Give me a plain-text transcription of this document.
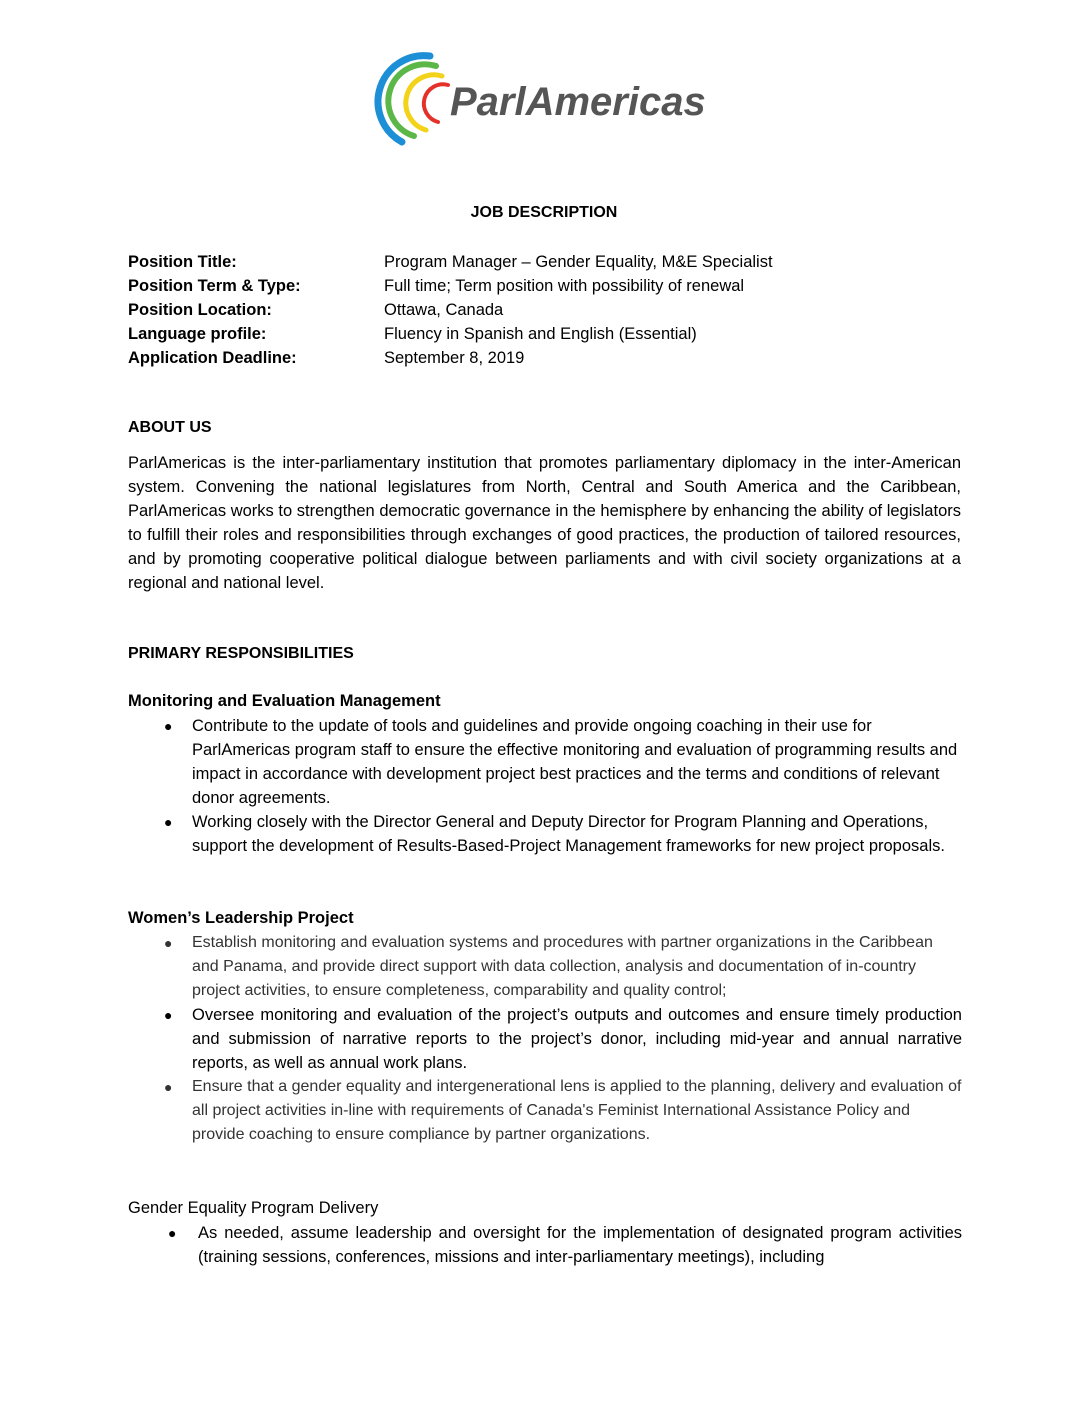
ParlAmericas
JOB DESCRIPTION
Position Title:	Program Manager – Gender Equality, M&E Specialist
Position Term & Type:	Full time; Term position with possibility of renewal
Position Location:	Ottawa, Canada
Language profile:	Fluency in Spanish and English (Essential)
Application Deadline:	September 8, 2019
ABOUT US
ParlAmericas is the inter-parliamentary institution that promotes parliamentary diplomacy in the inter-American system. Convening the national legislatures from North, Central and South America and the Caribbean, ParlAmericas works to strengthen democratic governance in the hemisphere by enhancing the ability of legislators to fulfill their roles and responsibilities through exchanges of good practices, the production of tailored resources, and by promoting cooperative political dialogue between parliaments and with civil society organizations at a regional and national level.
PRIMARY RESPONSIBILITIES
Monitoring and Evaluation Management
● Contribute to the update of tools and guidelines and provide ongoing coaching in their use for ParlAmericas program staff to ensure the effective monitoring and evaluation of programming results and impact in accordance with development project best practices and the terms and conditions of relevant donor agreements.
● Working closely with the Director General and Deputy Director for Program Planning and Operations, support the development of Results-Based-Project Management frameworks for new project proposals.
Women’s Leadership Project
● Establish monitoring and evaluation systems and procedures with partner organizations in the Caribbean and Panama, and provide direct support with data collection, analysis and documentation of in-country project activities, to ensure completeness, comparability and quality control;
● Oversee monitoring and evaluation of the project’s outputs and outcomes and ensure timely production and submission of narrative reports to the project’s donor, including mid-year and annual narrative reports, as well as annual work plans.
● Ensure that a gender equality and intergenerational lens is applied to the planning, delivery and evaluation of all project activities in-line with requirements of Canada's Feminist International Assistance Policy and provide coaching to ensure compliance by partner organizations.
Gender Equality Program Delivery
● As needed, assume leadership and oversight for the implementation of designated program activities (training sessions, conferences, missions and inter-parliamentary meetings), including
